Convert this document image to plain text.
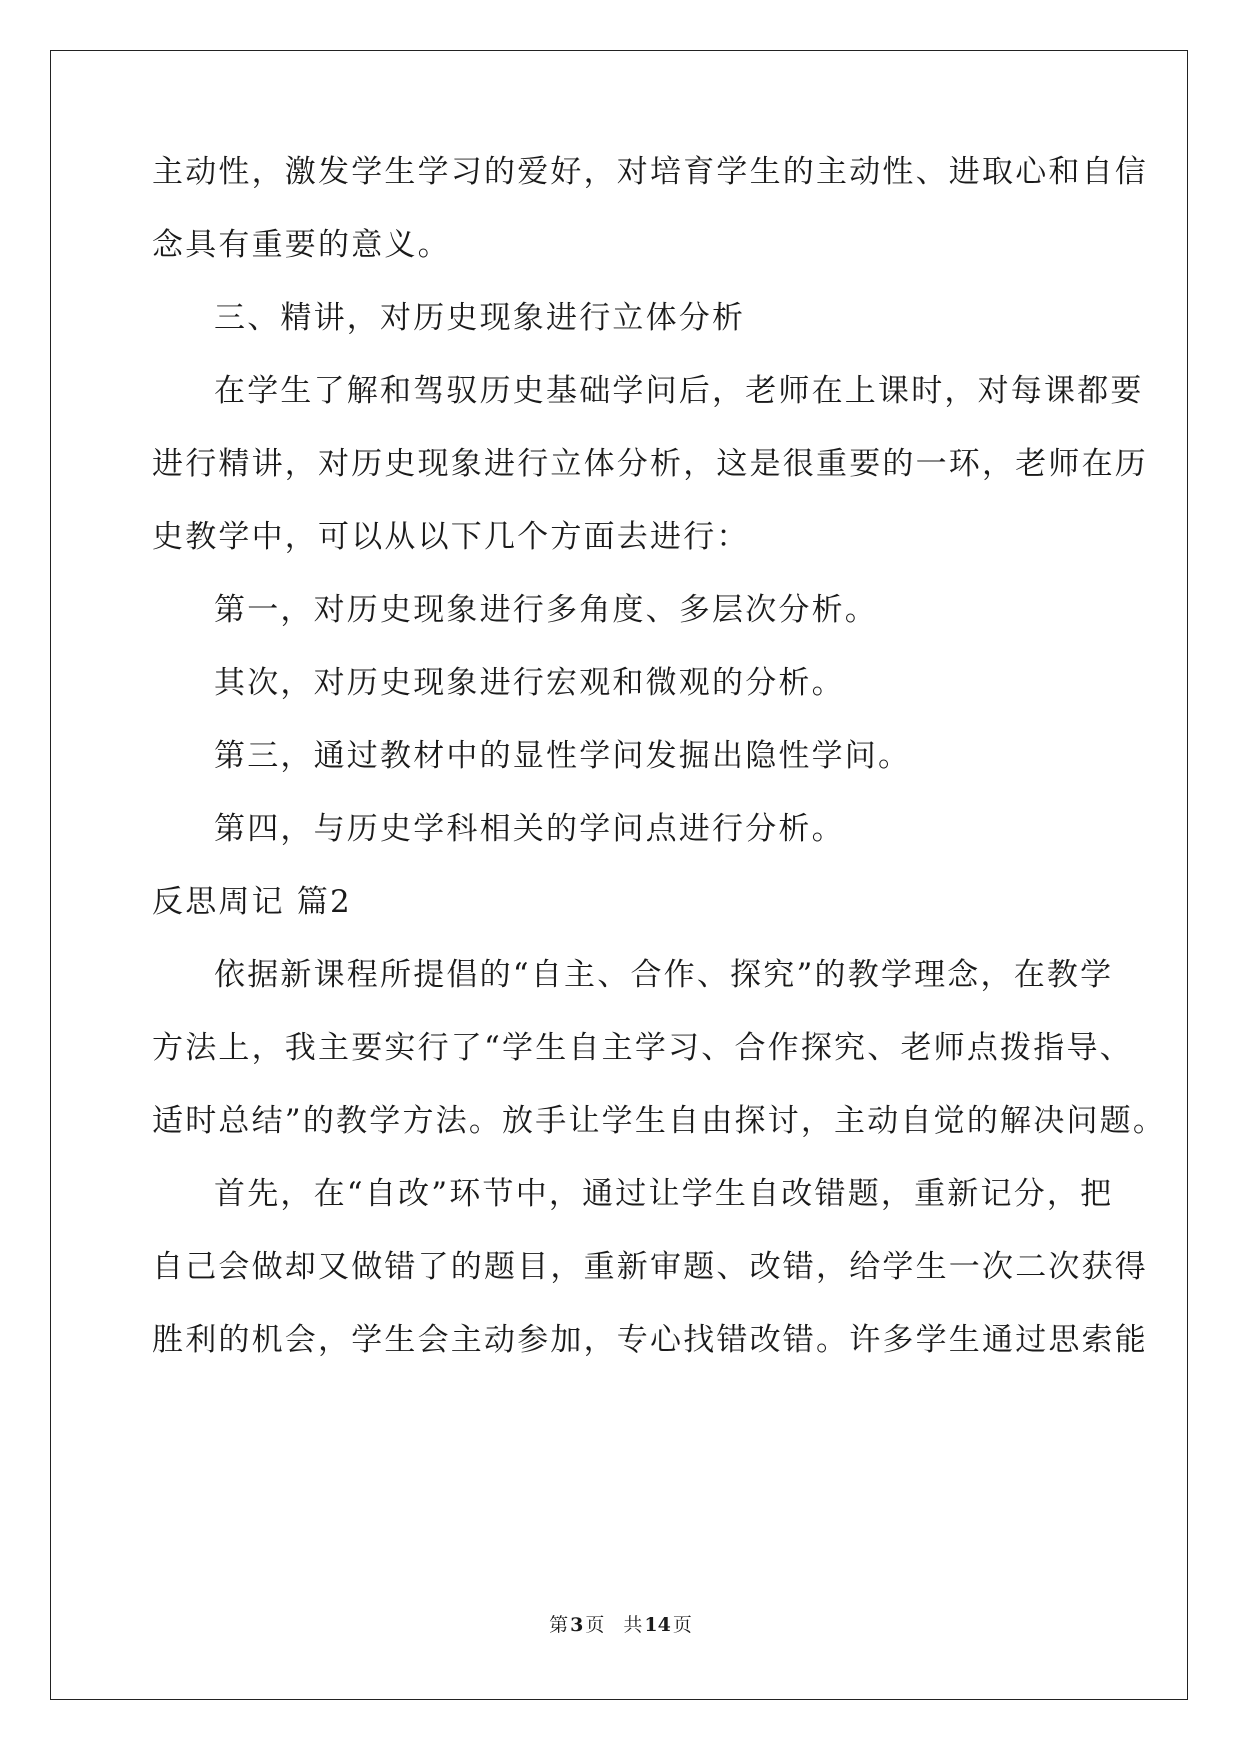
主动性，激发学生学习的爱好，对培育学生的主动性、进取心和自信
念具有重要的意义。
三、精讲，对历史现象进行立体分析
在学生了解和驾驭历史基础学问后，老师在上课时，对每课都要
进行精讲，对历史现象进行立体分析，这是很重要的一环，老师在历
史教学中，可以从以下几个方面去进行：
第一，对历史现象进行多角度、多层次分析。
其次，对历史现象进行宏观和微观的分析。
第三，通过教材中的显性学问发掘出隐性学问。
第四，与历史学科相关的学问点进行分析。
反思周记 篇2
依据新课程所提倡的“自主、合作、探究”的教学理念，在教学
方法上，我主要实行了“学生自主学习、合作探究、老师点拨指导、
适时总结”的教学方法。放手让学生自由探讨，主动自觉的解决问题。
首先，在“自改”环节中，通过让学生自改错题，重新记分，把
自己会做却又做错了的题目，重新审题、改错，给学生一次二次获得
胜利的机会，学生会主动参加，专心找错改错。许多学生通过思索能
第 3 页　共 14 页
